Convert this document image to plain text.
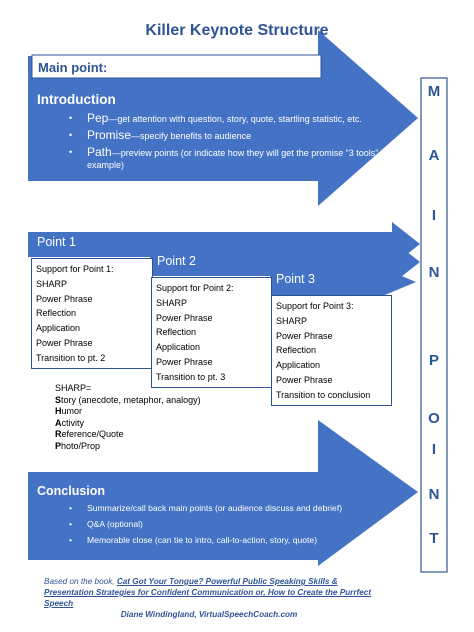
Killer Keynote Structure
Main point:
Introduction
• Pep—get attention with question, story, quote, startling statistic, etc.
• Promise—specify benefits to audience
• Path—preview points (or indicate how they will get the promise “3 tools” for example)
Point 1
Point 2
Point 3
Support for Point 1:
SHARP
Power Phrase
Reflection
Application
Power Phrase
Transition to pt. 2
Support for Point 2:
SHARP
Power Phrase
Reflection
Application
Power Phrase
Transition to pt. 3
Support for Point 3:
SHARP
Power Phrase
Reflection
Application
Power Phrase
Transition to conclusion
SHARP=
Story (anecdote, metaphor, analogy)
Humor
Activity
Reference/Quote
Photo/Prop
Conclusion
• Summarize/call back main points (or audience discuss and debrief)
• Q&A (optional)
• Memorable close (can tie to intro, call-to-action, story, quote)
M
A
I
N
P
O
I
N
T
Based on the book, Cat Got Your Tongue? Powerful Public Speaking Skills & Presentation Strategies for Confident Communication or, How to Create the Purrfect Speech
Diane Windingland, VirtualSpeechCoach.com
